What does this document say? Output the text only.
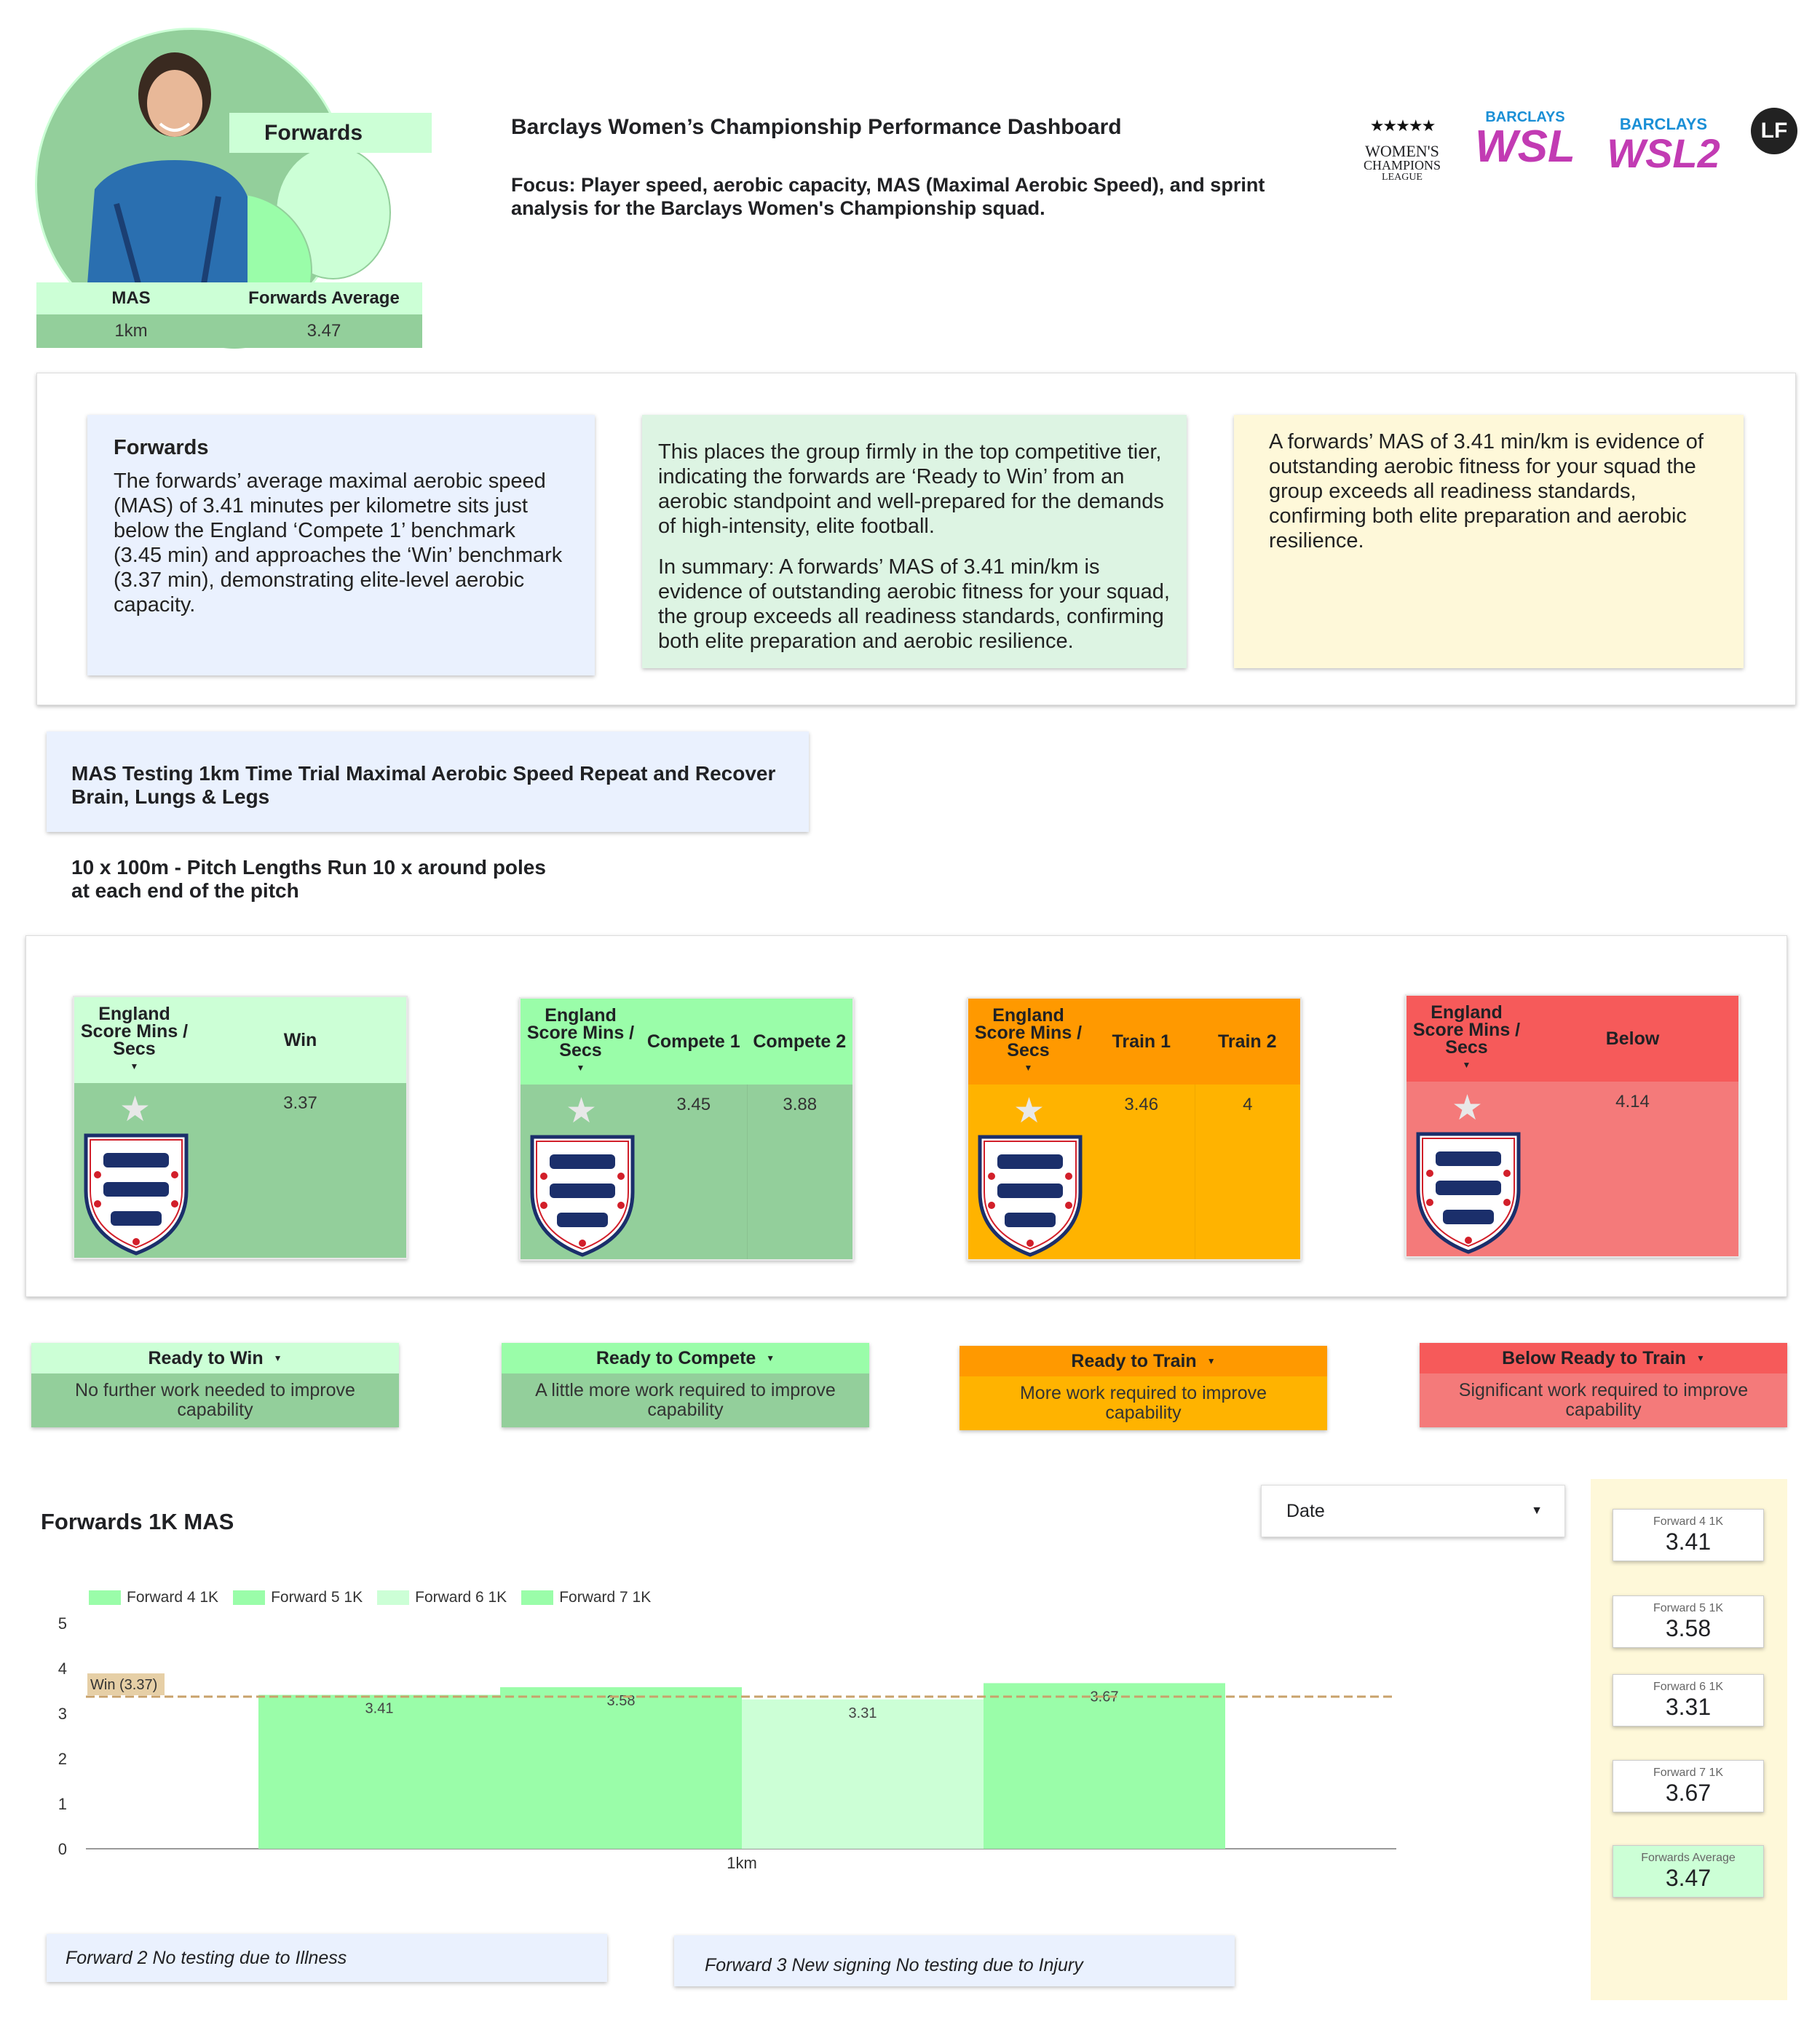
Forwards
MAS	Forwards Average
1km	3.47
Barclays Women’s Championship Performance Dashboard
Focus: Player speed, aerobic capacity, MAS (Maximal Aerobic Speed), and sprint
analysis for the Barclays Women's Championship squad.
★★★★★
WOMEN'S
CHAMPIONS
LEAGUE
BARCLAYS
WSL	BARCLAYS
WSL2	LF
Forwards
The forwards’ average maximal aerobic speed (MAS) of 3.41 minutes per kilometre sits just below the England ‘Compete 1’ benchmark (3.45 min) and approaches the ‘Win’ benchmark (3.37 min), demonstrating elite-level aerobic capacity.

This places the group firmly in the top competitive tier, indicating the forwards are ‘Ready to Win’ from an aerobic standpoint and well-prepared for the demands of high-intensity, elite football.

In summary: A forwards’ MAS of 3.41 min/km is evidence of outstanding aerobic fitness for your squad, the group exceeds all readiness standards, confirming both elite preparation and aerobic resilience.

A forwards’ MAS of 3.41 min/km is evidence of outstanding aerobic fitness for your squad the group exceeds all readiness standards, confirming both elite preparation and aerobic resilience.
MAS Testing 1km Time Trial Maximal Aerobic Speed Repeat and Recover
Brain, Lungs & Legs
10 x 100m - Pitch Lengths Run 10 x around poles
at each end of the pitch
England Score Mins / Secs
▼
Win
★	3.37
England Score Mins / Secs
▼
Compete 1 Compete 2
★	3.45	3.88
England Score Mins / Secs
▼
Train 1	Train 2
★	3.46	4
England Score Mins / Secs
▼
Below
★	4.14
Ready to Win ▼
No further work needed to improve capability
Ready to Compete ▼
A little more work required to improve capability
Ready to Train ▼
More work required to improve capability
Below Ready to Train ▼
Significant work required to improve capability
Forwards 1K MAS	Date	▼
Forward 4 1K	Forward 5 1K	Forward 6 1K	Forward 7 1K
0
1
2
3
4
5
3.41	3.58
3.31
3.67
1km
Win (3.37)
Forward 4 1K
3.41
Forward 5 1K
3.58
Forward 6 1K
3.31
Forward 7 1K
3.67
Forwards Average
3.47
Forward 2 No testing due to Illness	Forward 3 New signing No testing due to Injury
